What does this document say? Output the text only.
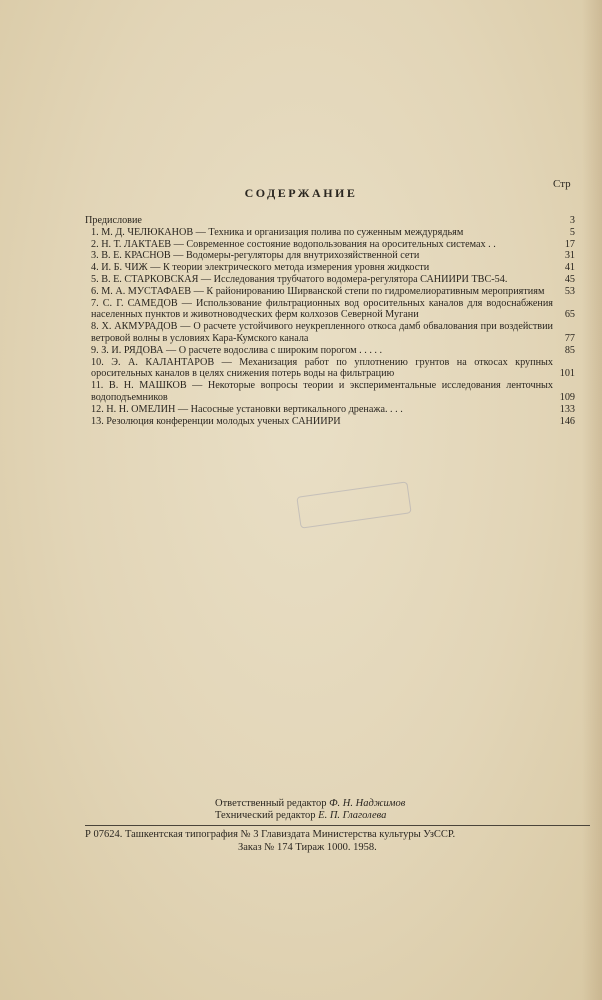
Стр
СОДЕРЖАНИЕ
Предисловие	3
1. М. Д. ЧЕЛЮКАНОВ — Техника и организация полива по суженным междурядьям	5
2. Н. Т. ЛАКТАЕВ — Современное состояние водопользования на оросительных системах . .	17
3. В. Е. КРАСНОВ — Водомеры-регуляторы для внутрихозяйственной сети	31
4. И. Б. ЧИЖ — К теории электрического метода измерения уровня жидкости	41
5. В. Е. СТАРКОВСКАЯ — Исследования трубчатого водомера-регулятора САНИИРИ ТВС-54.	45
6. М. А. МУСТАФАЕВ — К районированию Ширванской степи по гидромелиоративным мероприятиям	53
7. С. Г. САМЕДОВ — Использование фильтрационных вод оросительных каналов для водоснабжения населенных пунктов и животноводческих ферм колхозов Северной Мугани	65
8. Х. АКМУРАДОВ — О расчете устойчивого неукрепленного откоса дамб обвалования при воздействии ветровой волны в условиях Кара-Кумского канала	77
9. З. И. РЯДОВА — О расчете водослива с широким порогом . . . . .	85
10. Э. А. КАЛАНТАРОВ — Механизация работ по уплотнению грунтов на откосах крупных оросительных каналов в целях снижения потерь воды на фильтрацию	101
11. В. Н. МАШКОВ — Некоторые вопросы теории и экспериментальные исследования ленточных водоподъемников	109
12. Н. Н. ОМЕЛИН — Насосные установки вертикального дренажа. . . .	133
13. Резолюция конференции молодых ученых САНИИРИ	146
Ответственный редактор Ф. Н. Наджимов
Технический редактор Е. П. Глаголева
Р 07624. Ташкентская типография № 3 Главиздата Министерства культуры УзССР.
Заказ № 174 Тираж 1000. 1958.
